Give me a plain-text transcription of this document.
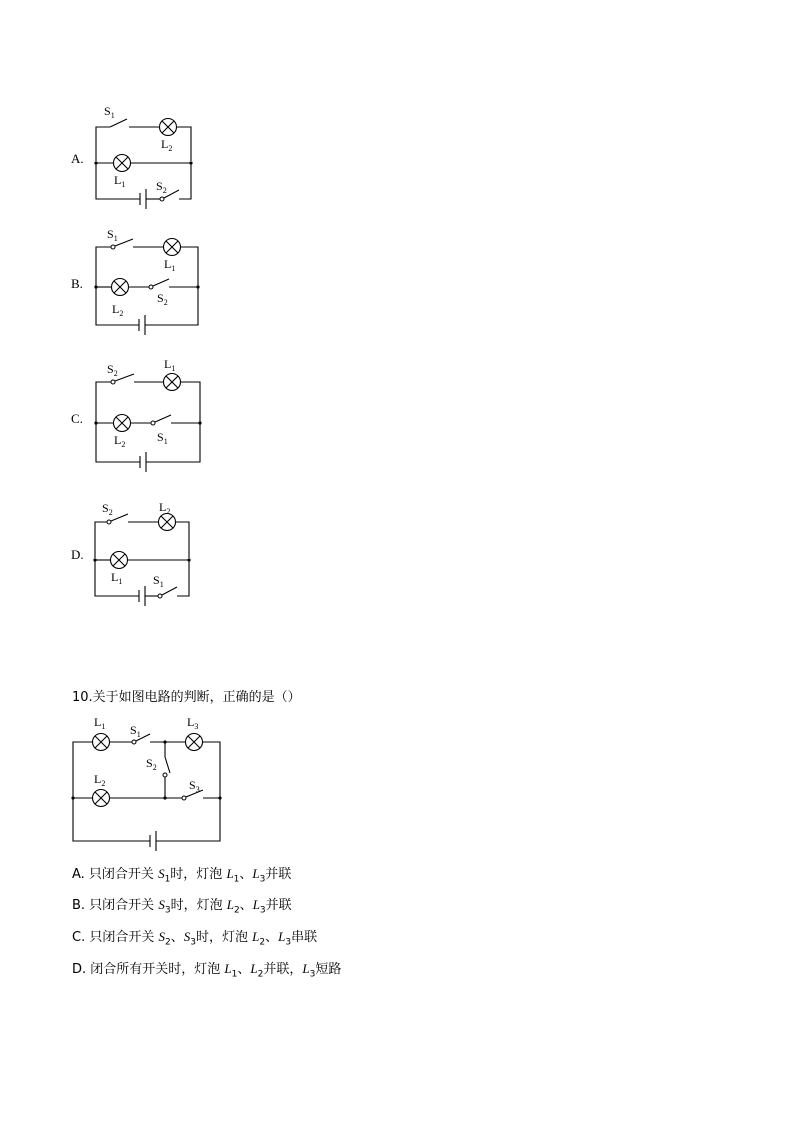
A.
$S_1$
$L_2$
$L_1$	$S_2$
B.
$S_1$
$L_1$
$L_2$
$S_2$
C.
$S_2$
$L_1$
$L_2$
$S_1$
D.
$S_2$	$L_2$
$L_1$	$S_1$
10.关于如图电路的判断，正确的是（）
$L_1$ $S_1$
$L_3$
$S_2$
$L_2$	$S_3$
A. 只闭合开关 $S_1$时，灯泡 $L_1$、$L_3$并联
B. 只闭合开关 $S_3$时，灯泡 $L_2$、$L_3$并联
C. 只闭合开关 $S_2$、$S_3$时，灯泡 $L_2$、$L_3$串联
D. 闭合所有开关时，灯泡 $L_1$、$L_2$并联，$L_3$短路
